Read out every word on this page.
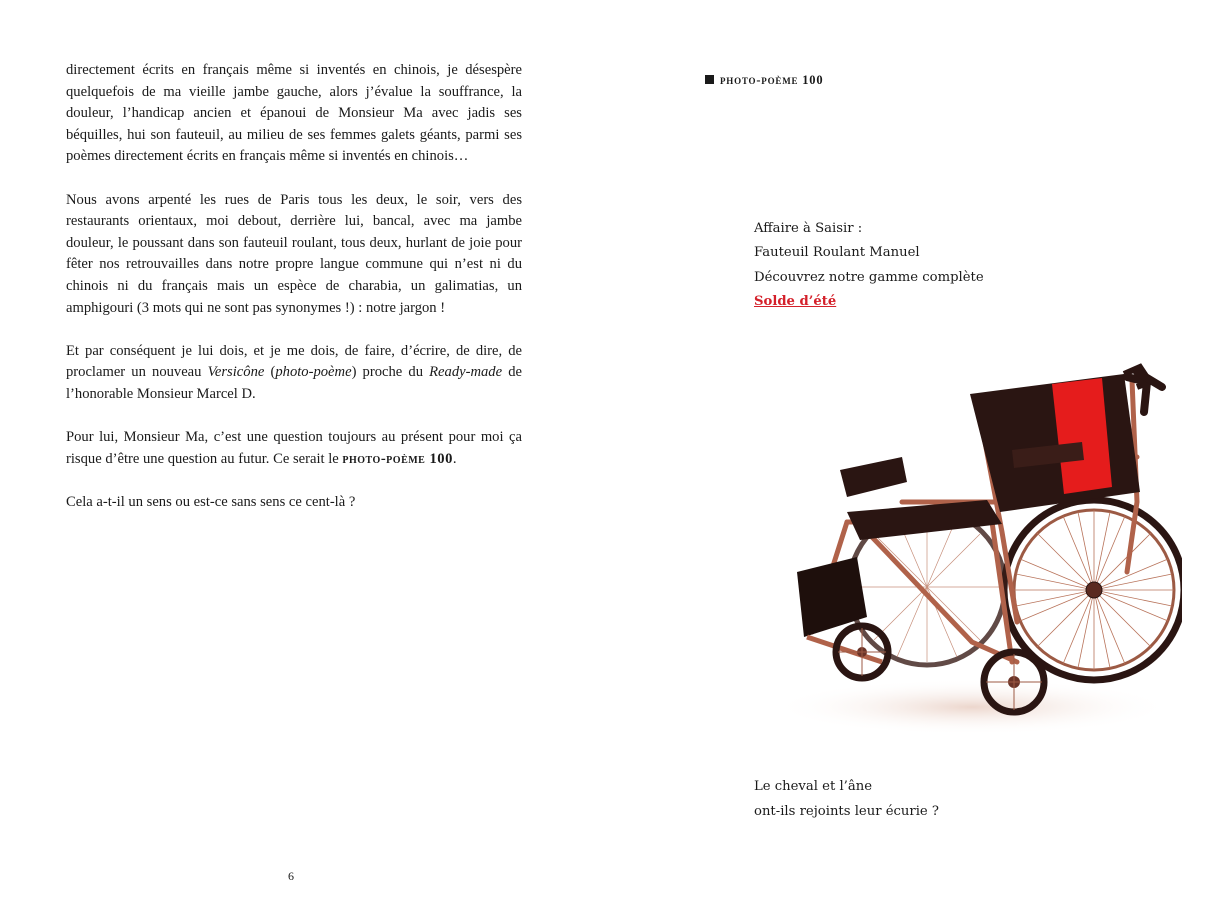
directement écrits en français même si inventés en chinois, je désespère quelquefois de ma vieille jambe gauche, alors j’évalue la souffrance, la douleur, l’handicap ancien et épanoui de Monsieur Ma avec jadis ses béquilles, hui son fauteuil, au milieu de ses femmes galets géants, parmi ses poèmes directement écrits en français même si inventés en chinois…

Nous avons arpenté les rues de Paris tous les deux, le soir, vers des restaurants orientaux, moi debout, derrière lui, bancal, avec ma jambe douleur, le poussant dans son fauteuil roulant, tous deux, hurlant de joie pour fêter nos retrouvailles dans notre propre langue commune qui n’est ni du chinois ni du français mais un espèce de charabia, un galimatias, un amphigouri (3 mots qui ne sont pas synonymes !) : notre jargon !

Et par conséquent je lui dois, et je me dois, de faire, d’écrire, de dire, de proclamer un nouveau Versicône (photo-poème) proche du Ready-made de l’honorable Monsieur Marcel D.

Pour lui, Monsieur Ma, c’est une question toujours au présent pour moi ça risque d’être une question au futur. Ce serait le photo-poème 100.

Cela a-t-il un sens ou est-ce sans sens ce cent-là ?

6
photo-poème 100
Affaire à Saisir :
Fauteuil Roulant Manuel
Découvrez notre gamme complète
Solde d’été
Le cheval et l’âne
ont-ils rejoints leur écurie ?
